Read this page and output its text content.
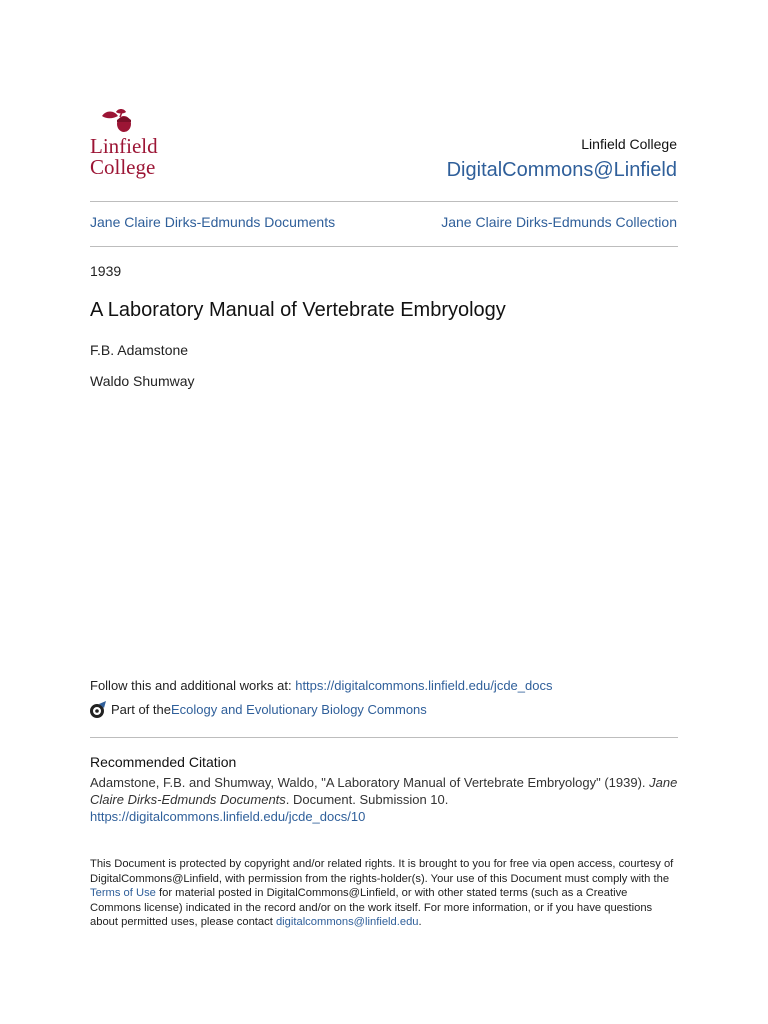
Linfield
College
Linfield College
DigitalCommons@Linfield
Jane Claire Dirks-Edmunds Documents	Jane Claire Dirks-Edmunds Collection
1939
A Laboratory Manual of Vertebrate Embryology
F.B. Adamstone
Waldo Shumway
Follow this and additional works at: https://digitalcommons.linfield.edu/jcde_docs
Part of the Ecology and Evolutionary Biology Commons
Recommended Citation
Adamstone, F.B. and Shumway, Waldo, "A Laboratory Manual of Vertebrate Embryology" (1939). Jane Claire Dirks-Edmunds Documents. Document. Submission 10.
https://digitalcommons.linfield.edu/jcde_docs/10
This Document is protected by copyright and/or related rights. It is brought to you for free via open access, courtesy of DigitalCommons@Linfield, with permission from the rights-holder(s). Your use of this Document must comply with the Terms of Use for material posted in DigitalCommons@Linfield, or with other stated terms (such as a Creative Commons license) indicated in the record and/or on the work itself. For more information, or if you have questions about permitted uses, please contact digitalcommons@linfield.edu.
